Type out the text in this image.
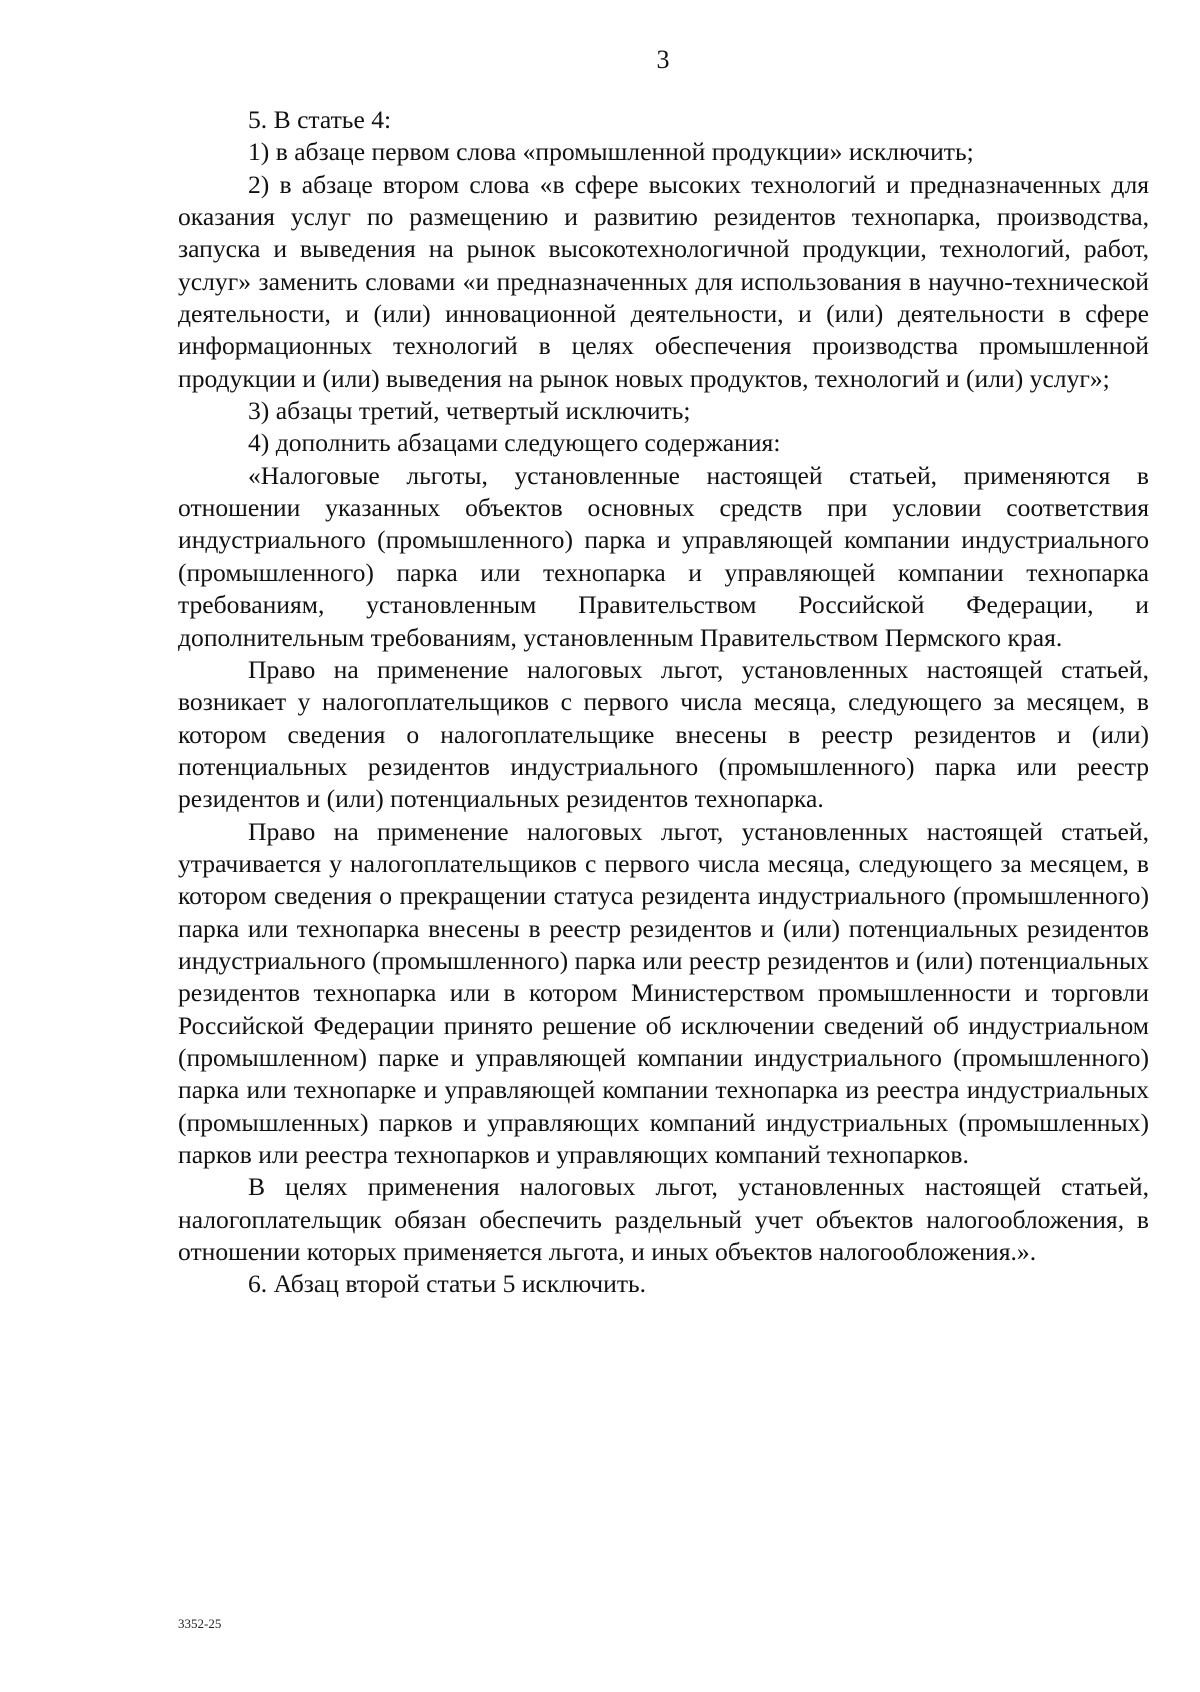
3

5. В статье 4:

1) в абзаце первом слова «промышленной продукции» исключить;

2) в абзаце втором слова «в сфере высоких технологий и предназначенных для оказания услуг по размещению и развитию резидентов технопарка, производства, запуска и выведения на рынок высокотехнологичной продукции, технологий, работ, услуг» заменить словами «и предназначенных для использования в научно-технической деятельности, и (или) инновационной деятельности, и (или) деятельности в сфере информационных технологий в целях обеспечения производства промышленной продукции и (или) выведения на рынок новых продуктов, технологий и (или) услуг»;

3) абзацы третий, четвертый исключить;

4) дополнить абзацами следующего содержания:

«Налоговые льготы, установленные настоящей статьей, применяются в отношении указанных объектов основных средств при условии соответствия индустриального (промышленного) парка и управляющей компании индустриального (промышленного) парка или технопарка и управляющей компании технопарка требованиям, установленным Правительством Российской Федерации, и дополнительным требованиям, установленным Правительством Пермского края.

Право на применение налоговых льгот, установленных настоящей статьей, возникает у налогоплательщиков с первого числа месяца, следующего за месяцем, в котором сведения о налогоплательщике внесены в реестр резидентов и (или) потенциальных резидентов индустриального (промышленного) парка или реестр резидентов и (или) потенциальных резидентов технопарка.

Право на применение налоговых льгот, установленных настоящей статьей, утрачивается у налогоплательщиков с первого числа месяца, следующего за месяцем, в котором сведения о прекращении статуса резидента индустриального (промышленного) парка или технопарка внесены в реестр резидентов и (или) потенциальных резидентов индустриального (промышленного) парка или реестр резидентов и (или) потенциальных резидентов технопарка или в котором Министерством промышленности и торговли Российской Федерации принято решение об исключении сведений об индустриальном (промышленном) парке и управляющей компании индустриального (промышленного) парка или технопарке и управляющей компании технопарка из реестра индустриальных (промышленных) парков и управляющих компаний индустриальных (промышленных) парков или реестра технопарков и управляющих компаний технопарков.

В целях применения налоговых льгот, установленных настоящей статьей, налогоплательщик обязан обеспечить раздельный учет объектов налогообложения, в отношении которых применяется льгота, и иных объектов налогообложения.».

6. Абзац второй статьи 5 исключить.

3352-25
